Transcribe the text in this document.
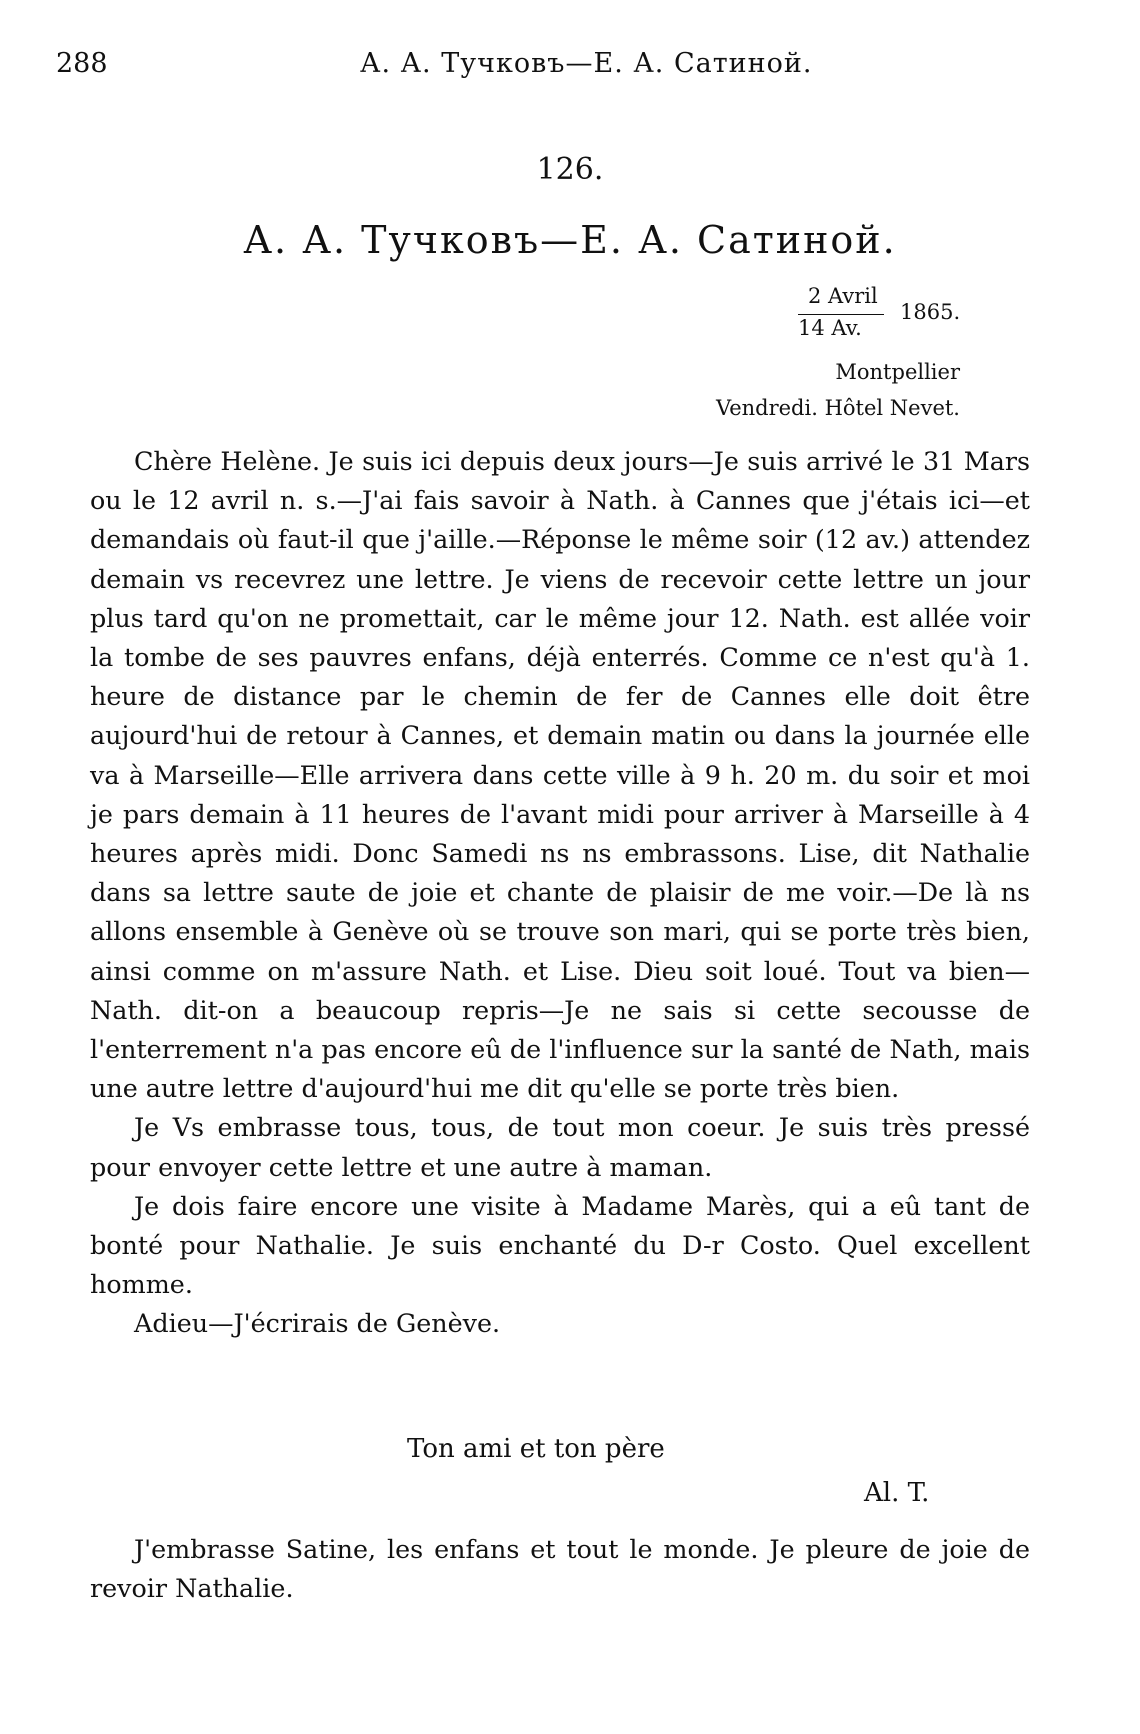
288	А. А. Тучковъ—Е. А. Сатиной.
126.
А. А. Тучковъ—Е. А. Сатиной.
2 Avril
14 Av.
1865.
Montpellier
Vendredi. Hôtel Nevet.

Chère Helène. Je suis ici depuis deux jours—Je suis arrivé le 31 Mars ou le 12 avril n. s.—J'ai fais savoir à Nath. à Cannes que j'étais ici—et demandais où faut-il que j'aille.—Réponse le même soir (12 av.) attendez demain vs recevrez une lettre. Je viens de recevoir cette lettre un jour plus tard qu'on ne promettait, car le même jour 12. Nath. est allée voir la tombe de ses pauvres enfans, déjà enterrés. Comme ce n'est qu'à 1. heure de distance par le chemin de fer de Cannes elle doit être aujourd'hui de retour à Cannes, et demain matin ou dans la journée elle va à Marseille—Elle arrivera dans cette ville à 9 h. 20 m. du soir et moi je pars demain à 11 heures de l'avant midi pour arriver à Marseille à 4 heures après midi. Donc Samedi ns ns embrassons. Lise, dit Nathalie dans sa lettre saute de joie et chante de plaisir de me voir.—De là ns allons ensemble à Genève où se trouve son mari, qui se porte très bien, ainsi comme on m'assure Nath. et Lise. Dieu soit loué. Tout va bien—Nath. dit-on a beaucoup repris—Je ne sais si cette secousse de l'enterrement n'a pas encore eû de l'influence sur la santé de Nath, mais une autre lettre d'aujourd'hui me dit qu'elle se porte très bien.

Je Vs embrasse tous, tous, de tout mon coeur. Je suis très pressé pour envoyer cette lettre et une autre à maman.

Je dois faire encore une visite à Madame Marès, qui a eû tant de bonté pour Nathalie. Je suis enchanté du D-r Costo. Quel excellent homme.

Adieu—J'écrirais de Genève.

Ton ami et ton père
Al. T.

J'embrasse Satine, les enfans et tout le monde. Je pleure de joie de revoir Nathalie.
